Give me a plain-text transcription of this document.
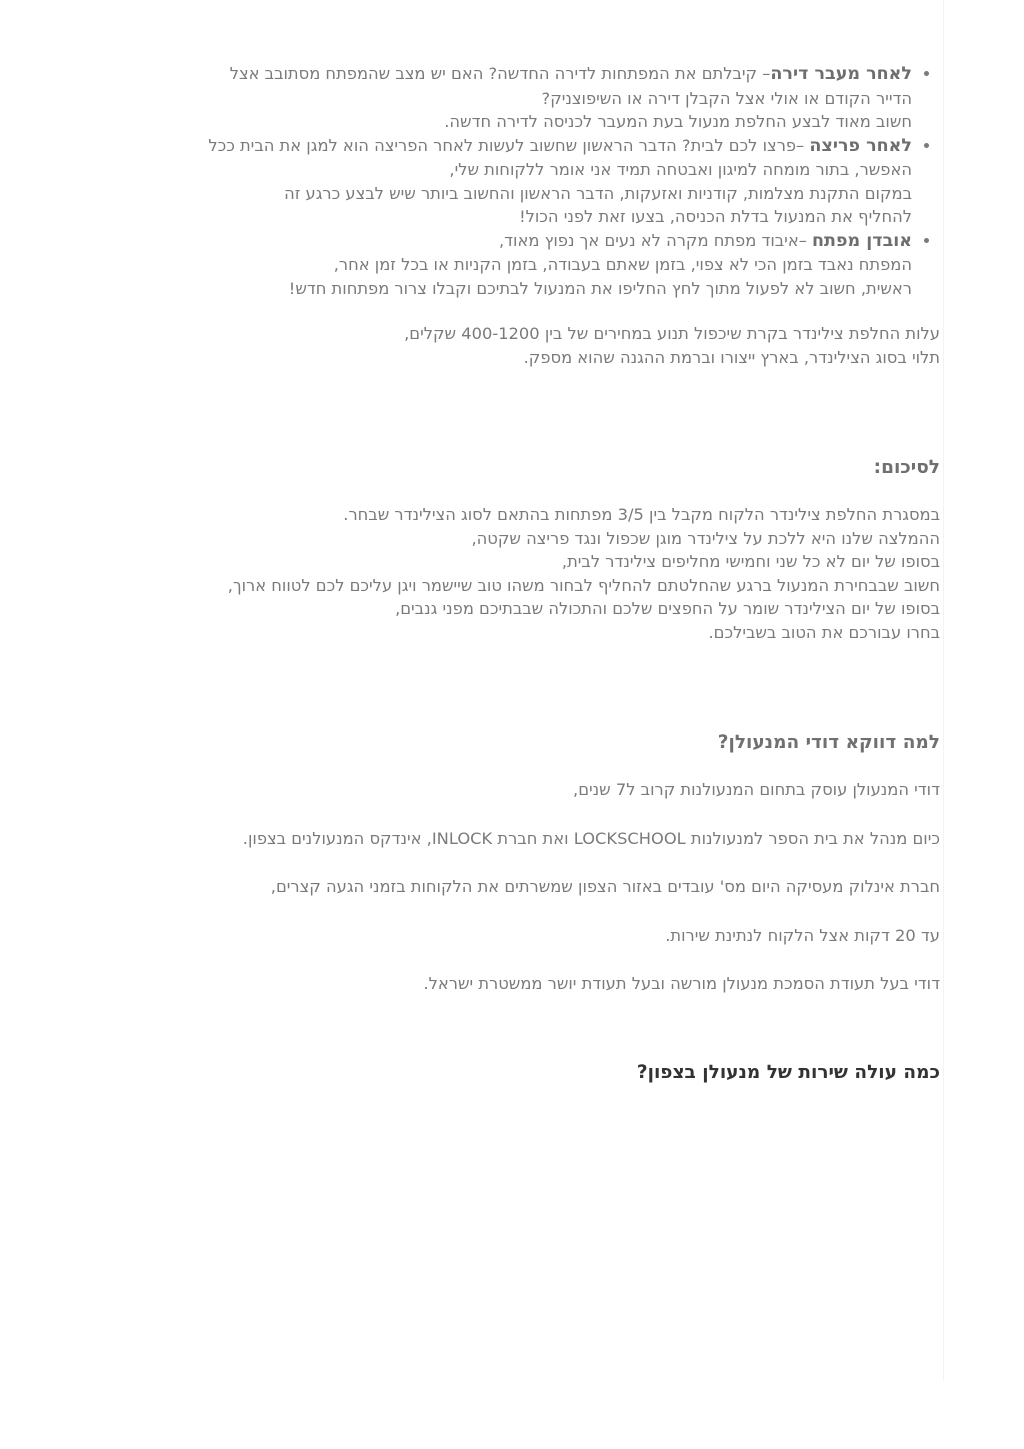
• לאחר מעבר דירה– קיבלתם את המפתחות לדירה החדשה? האם יש מצב שהמפתח מסתובב אצל
הדייר הקודם או אולי אצל הקבלן דירה או השיפוצניק?
חשוב מאוד לבצע החלפת מנעול בעת המעבר לכניסה לדירה חדשה.
• לאחר פריצה –פרצו לכם לבית? הדבר הראשון שחשוב לעשות לאחר הפריצה הוא למגן את הבית ככל
האפשר, בתור מומחה למיגון ואבטחה תמיד אני אומר ללקוחות שלי,
במקום התקנת מצלמות, קודניות ואזעקות, הדבר הראשון והחשוב ביותר שיש לבצע כרגע זה
להחליף את המנעול בדלת הכניסה, בצעו זאת לפני הכול!
• אובדן מפתח –איבוד מפתח מקרה לא נעים אך נפוץ מאוד,
המפתח נאבד בזמן הכי לא צפוי, בזמן שאתם בעבודה, בזמן הקניות או בכל זמן אחר,
ראשית, חשוב לא לפעול מתוך לחץ החליפו את המנעול לבתיכם וקבלו צרור מפתחות חדש!

עלות החלפת צילינדר בקרת שיכפול תנוע במחירים של בין 400-1200 שקלים,
תלוי בסוג הצילינדר, בארץ ייצורו וברמת ההגנה שהוא מספק.

לסיכום:

במסגרת החלפת צילינדר הלקוח מקבל בין 3/5 מפתחות בהתאם לסוג הצילינדר שבחר.
ההמלצה שלנו היא ללכת על צילינדר מוגן שכפול ונגד פריצה שקטה,
בסופו של יום לא כל שני וחמישי מחליפים צילינדר לבית,
חשוב שבבחירת המנעול ברגע שהחלטתם להחליף לבחור משהו טוב שיישמר ויגן עליכם לכם לטווח ארוך,
בסופו של יום הצילינדר שומר על החפצים שלכם והתכולה שבבתיכם מפני גנבים,
בחרו עבורכם את הטוב בשבילכם.

למה דווקא דודי המנעולן?

דודי המנעולן עוסק בתחום המנעולנות קרוב ל7 שנים,

כיום מנהל את בית הספר למנעולנות LOCKSCHOOL ואת חברת INLOCK, אינדקס המנעולנים בצפון.

חברת אינלוק מעסיקה היום מס' עובדים באזור הצפון שמשרתים את הלקוחות בזמני הגעה קצרים,

עד 20 דקות אצל הלקוח לנתינת שירות.

דודי בעל תעודת הסמכת מנעולן מורשה ובעל תעודת יושר ממשטרת ישראל.

כמה עולה שירות של מנעולן בצפון?
